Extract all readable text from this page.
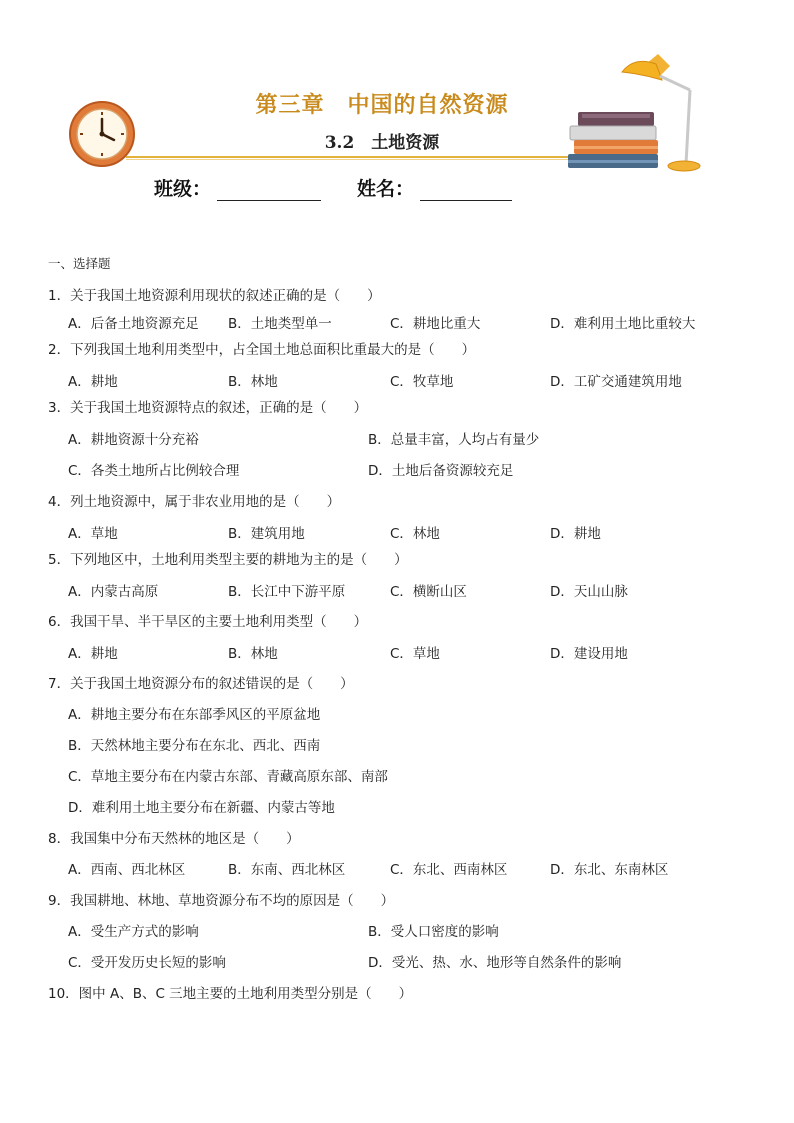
第三章　中国的自然资源
3.2　土地资源
班级：	姓名：
一、选择题
1．关于我国土地资源利用现状的叙述正确的是（　　）
A．后备土地资源充足	B．土地类型单一	C．耕地比重大	D．难利用土地比重较大
2．下列我国土地利用类型中，占全国土地总面积比重最大的是（　　）
A．耕地	B．林地	C．牧草地	D．工矿交通建筑用地
3．关于我国土地资源特点的叙述，正确的是（　　）
A．耕地资源十分充裕	B．总量丰富，人均占有量少
C．各类土地所占比例较合理	D．土地后备资源较充足
4．列土地资源中，属于非农业用地的是（　　）
A．草地	B．建筑用地	C．林地	D．耕地
5．下列地区中，土地利用类型主要的耕地为主的是（　　）
A．内蒙古高原	B．长江中下游平原	C．横断山区	D．天山山脉
6．我国干旱、半干旱区的主要土地利用类型（　　）
A．耕地	B．林地	C．草地	D．建设用地
7．关于我国土地资源分布的叙述错误的是（　　）
A．耕地主要分布在东部季风区的平原盆地
B．天然林地主要分布在东北、西北、西南
C．草地主要分布在内蒙古东部、青藏高原东部、南部
D．难利用土地主要分布在新疆、内蒙古等地
8．我国集中分布天然林的地区是（　　）
A．西南、西北林区	B．东南、西北林区	C．东北、西南林区	D．东北、东南林区
9．我国耕地、林地、草地资源分布不均的原因是（　　）
A．受生产方式的影响	B．受人口密度的影响
C．受开发历史长短的影响	D．受光、热、水、地形等自然条件的影响
10．图中 A、B、C 三地主要的土地利用类型分别是（　　）
